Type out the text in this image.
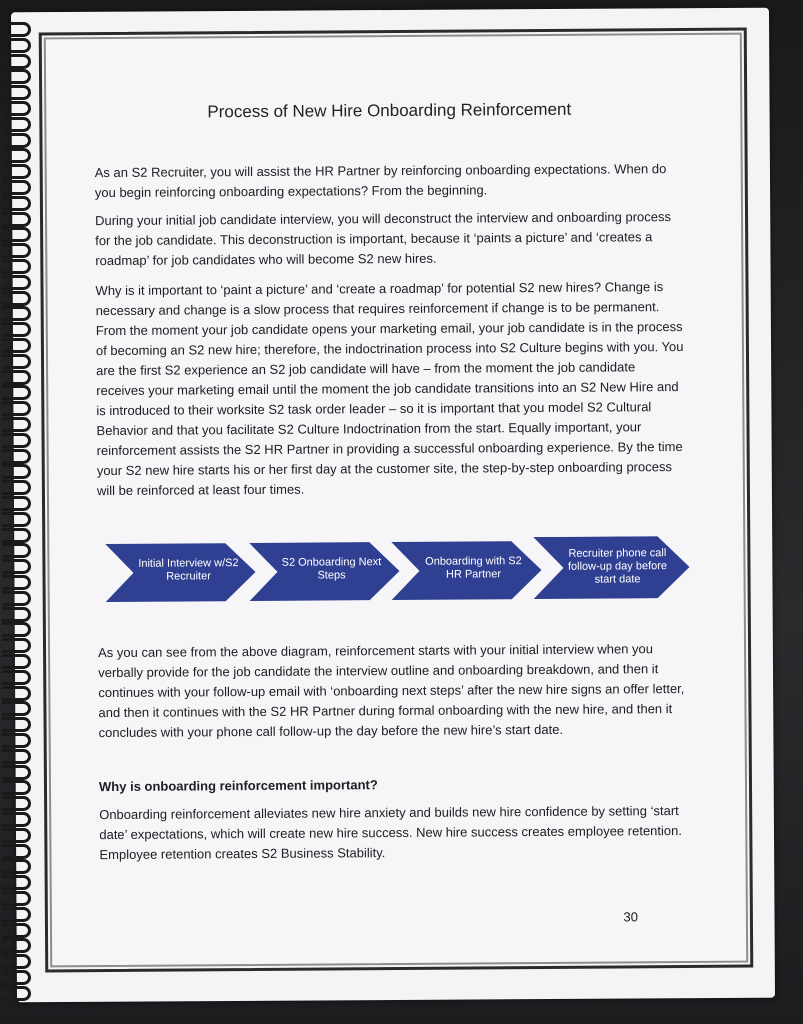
Process of New Hire Onboarding Reinforcement
As an S2 Recruiter, you will assist the HR Partner by reinforcing onboarding expectations. When do you begin reinforcing onboarding expectations? From the beginning.
During your initial job candidate interview, you will deconstruct the interview and onboarding process for the job candidate. This deconstruction is important, because it ‘paints a picture’ and ‘creates a roadmap’ for job candidates who will become S2 new hires.
Why is it important to ‘paint a picture’ and ‘create a roadmap’ for potential S2 new hires? Change is necessary and change is a slow process that requires reinforcement if change is to be permanent. From the moment your job candidate opens your marketing email, your job candidate is in the process of becoming an S2 new hire; therefore, the indoctrination process into S2 Culture begins with you. You are the first S2 experience an S2 job candidate will have – from the moment the job candidate receives your marketing email until the moment the job candidate transitions into an S2 New Hire and is introduced to their worksite S2 task order leader – so it is important that you model S2 Cultural Behavior and that you facilitate S2 Culture Indoctrination from the start. Equally important, your reinforcement assists the S2 HR Partner in providing a successful onboarding experience. By the time your S2 new hire starts his or her first day at the customer site, the step-by-step onboarding process will be reinforced at least four times.
Initial Interview w/S2 Recruiter
S2 Onboarding Next Steps
Onboarding with S2 HR Partner
Recruiter phone call follow-up day before start date
As you can see from the above diagram, reinforcement starts with your initial interview when you verbally provide for the job candidate the interview outline and onboarding breakdown, and then it continues with your follow-up email with ‘onboarding next steps’ after the new hire signs an offer letter, and then it continues with the S2 HR Partner during formal onboarding with the new hire, and then it concludes with your phone call follow-up the day before the new hire’s start date.
Why is onboarding reinforcement important?
Onboarding reinforcement alleviates new hire anxiety and builds new hire confidence by setting ‘start date’ expectations, which will create new hire success. New hire success creates employee retention. Employee retention creates S2 Business Stability.
30
